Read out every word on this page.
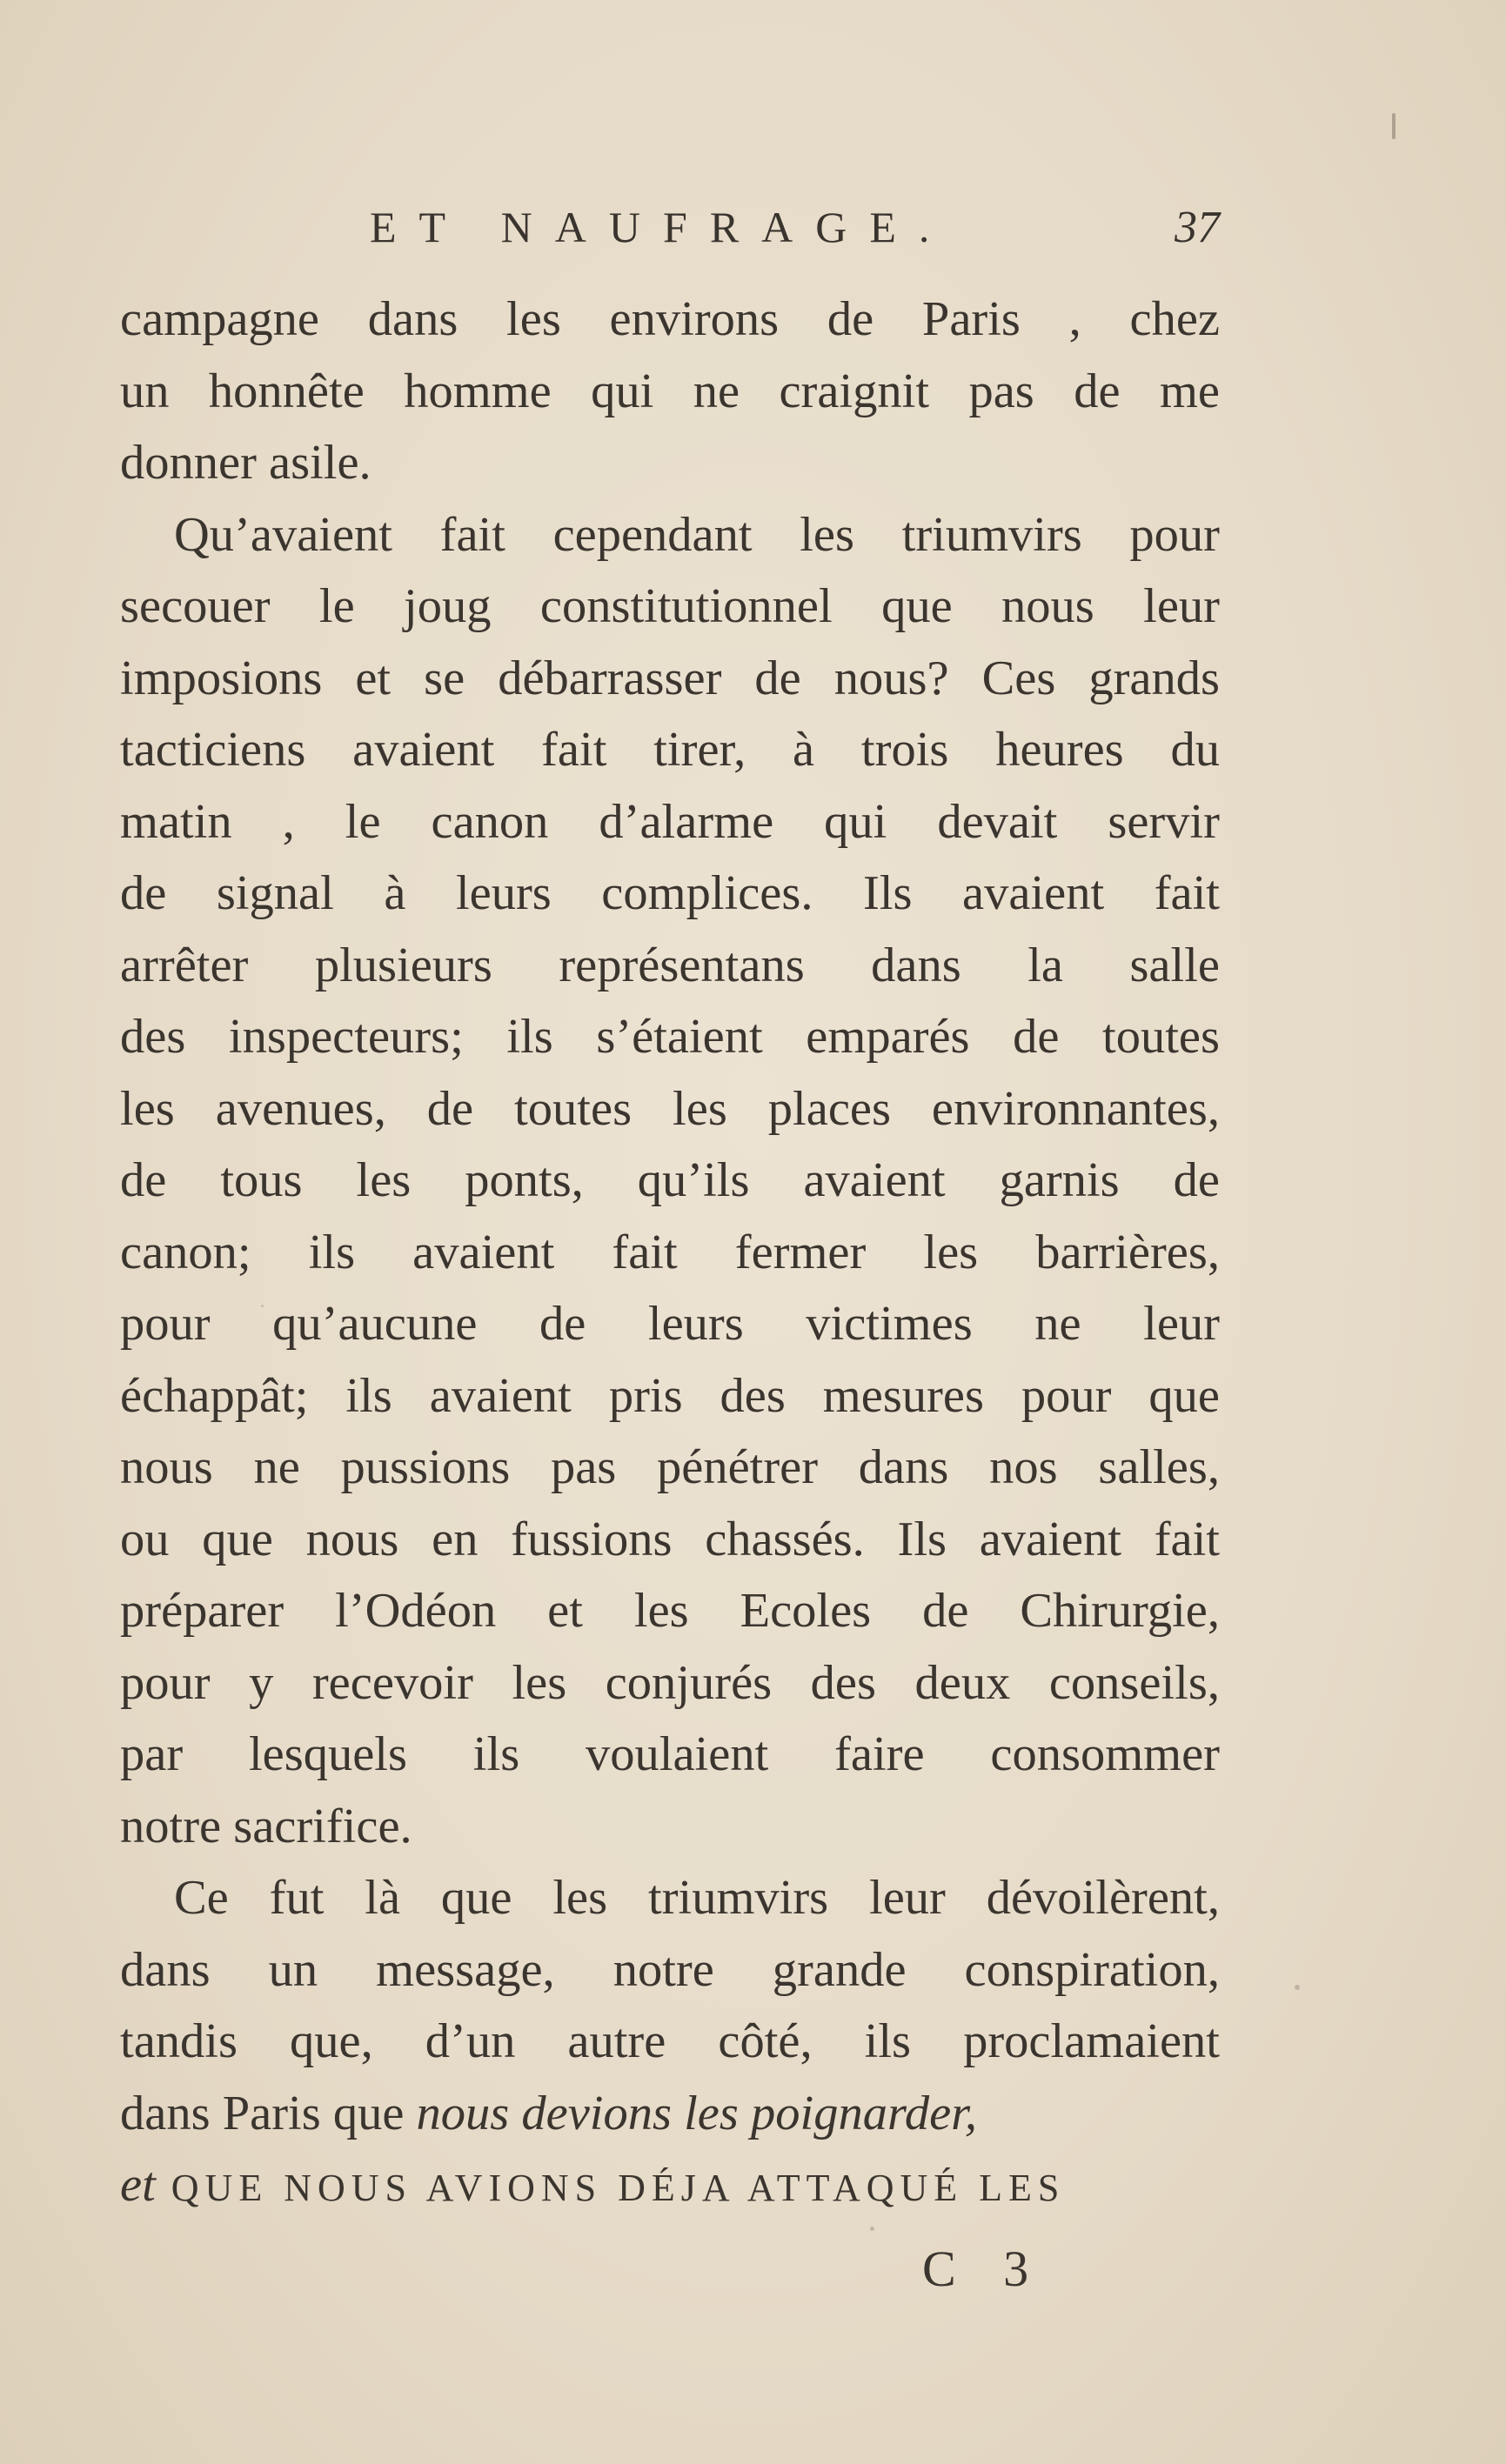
ET NAUFRAGE.	37
campagne dans les environs de Paris , chez
un honnête homme qui ne craignit pas de me
donner asile.
Qu’avaient fait cependant les triumvirs pour
secouer le joug constitutionnel que nous leur
imposions et se débarrasser de nous? Ces grands
tacticiens avaient fait tirer, à trois heures du
matin , le canon d’alarme qui devait servir
de signal à leurs complices. Ils avaient fait
arrêter plusieurs représentans dans la salle
des inspecteurs; ils s’étaient emparés de toutes
les avenues, de toutes les places environnantes,
de tous les ponts, qu’ils avaient garnis de
canon; ils avaient fait fermer les barrières,
pour qu’aucune de leurs victimes ne leur
échappât; ils avaient pris des mesures pour que
nous ne pussions pas pénétrer dans nos salles,
ou que nous en fussions chassés. Ils avaient fait
préparer l’Odéon et les Ecoles de Chirurgie,
pour y recevoir les conjurés des deux conseils,
par lesquels ils voulaient faire consommer
notre sacrifice.
Ce fut là que les triumvirs leur dévoilèrent,
dans un message, notre grande conspiration,
tandis que, d’un autre côté, ils proclamaient
dans Paris que nous devions les poignarder,
et QUE NOUS AVIONS DÉJA ATTAQUÉ LES
C 3
